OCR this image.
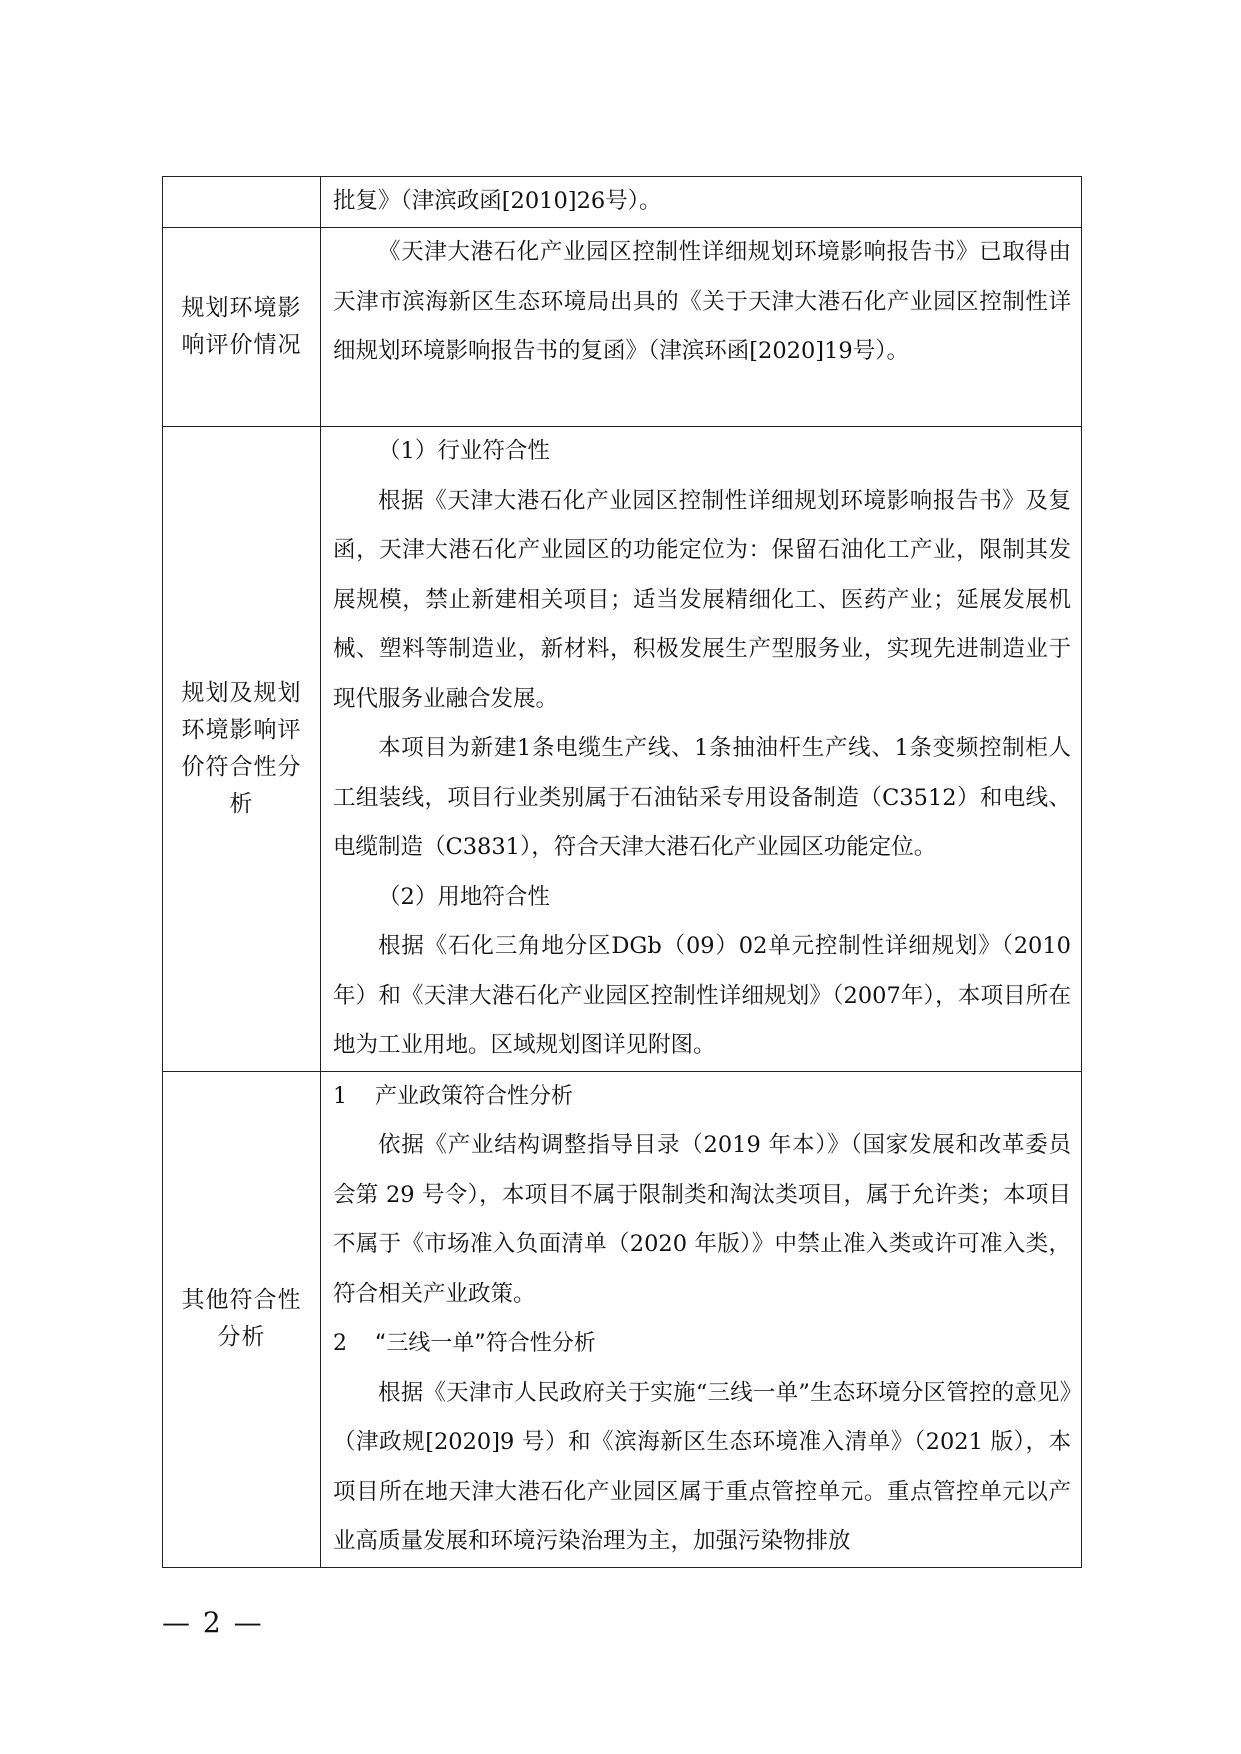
	批复》（津滨政函[2010]26号）。

规划环境影响评价情况	《天津大港石化产业园区控制性详细规划环境影响报告书》已取得由天津市滨海新区生态环境局出具的《关于天津大港石化产业园区控制性详细规划环境影响报告书的复函》（津滨环函[2020]19号）。

规划及规划环境影响评价符合性分析	（1）行业符合性

根据《天津大港石化产业园区控制性详细规划环境影响报告书》及复函，天津大港石化产业园区的功能定位为：保留石油化工产业，限制其发展规模，禁止新建相关项目；适当发展精细化工、医药产业；延展发展机械、塑料等制造业，新材料，积极发展生产型服务业，实现先进制造业于现代服务业融合发展。

本项目为新建1条电缆生产线、1条抽油杆生产线、1条变频控制柜人工组装线，项目行业类别属于石油钻采专用设备制造（C3512）和电线、电缆制造（C3831），符合天津大港石化产业园区功能定位。

（2）用地符合性

根据《石化三角地分区DGb（09）02单元控制性详细规划》（2010年）和《天津大港石化产业园区控制性详细规划》（2007年），本项目所在地为工业用地。区域规划图详见附图。

其他符合性分析	1 产业政策符合性分析

依据《产业结构调整指导目录（2019 年本）》（国家发展和改革委员会第 29 号令），本项目不属于限制类和淘汰类项目，属于允许类；本项目不属于《市场准入负面清单（2020 年版）》中禁止准入类或许可准入类，符合相关产业政策。

2 “三线一单”符合性分析

根据《天津市人民政府关于实施“三线一单”生态环境分区管控的意见》（津政规[2020]9 号）和《滨海新区生态环境准入清单》（2021 版），本项目所在地天津大港石化产业园区属于重点管控单元。重点管控单元以产业高质量发展和环境污染治理为主，加强污染物排放

— 2 —
